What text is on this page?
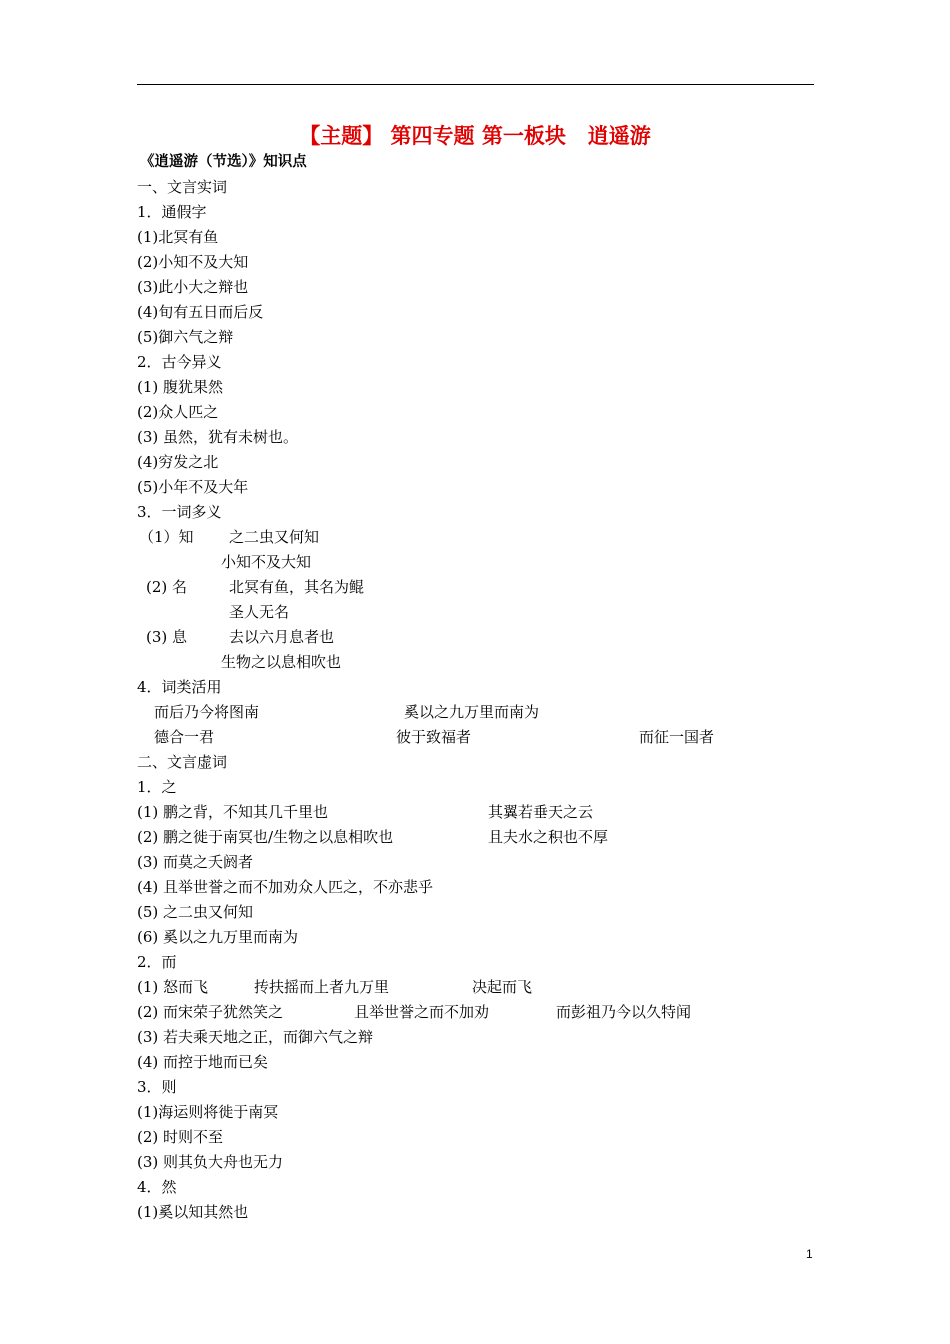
【主题】 第四专题 第一板块   逍遥游
《逍遥游（节选）》知识点
一、文言实词
1．通假字
(1)北冥有鱼
(2)小知不及大知
(3)此小大之辩也
(4)旬有五日而后反
(5)御六气之辩
2．古今异义
(1) 腹犹果然
(2)众人匹之
(3) 虽然，犹有未树也。
(4)穷发之北
(5)小年不及大年
3．一词多义
（1）知 之二虫又何知
小知不及大知
(2) 名	北冥有鱼，其名为鲲
圣人无名
(3) 息	去以六月息者也
生物之以息相吹也
4．词类活用
而后乃今将图南	奚以之九万里而南为
德合一君	彼于致福者	而征一国者
二、文言虚词
1．之
(1) 鹏之背，不知其几千里也	其翼若垂天之云
(2) 鹏之徙于南冥也/生物之以息相吹也	且夫水之积也不厚
(3) 而莫之夭阏者
(4) 且举世誉之而不加劝众人匹之，不亦悲乎
(5) 之二虫又何知
(6) 奚以之九万里而南为
2．而
(1) 怒而飞	抟扶摇而上者九万里	决起而飞
(2) 而宋荣子犹然笑之	且举世誉之而不加劝	而彭祖乃今以久特闻
(3) 若夫乘天地之正，而御六气之辩
(4) 而控于地而已矣
3．则
(1)海运则将徙于南冥
(2) 时则不至
(3) 则其负大舟也无力
4．然
(1)奚以知其然也
1
